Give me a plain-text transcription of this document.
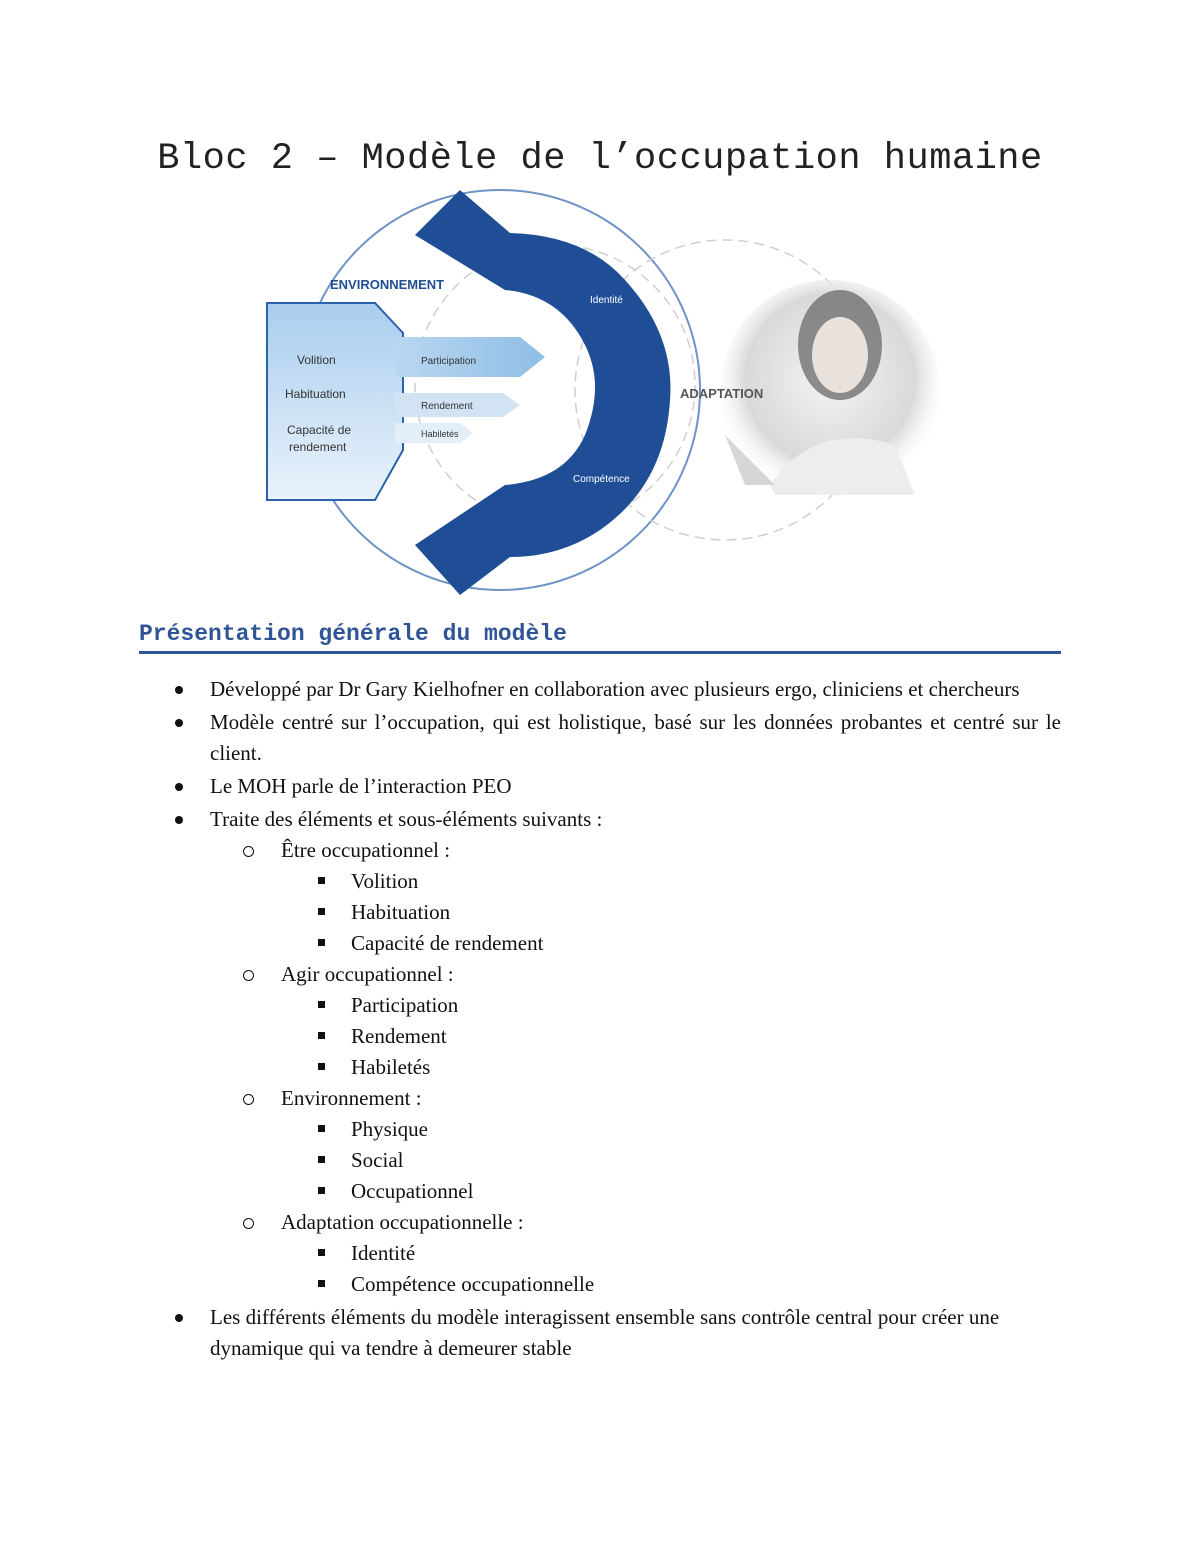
Bloc 2 – Modèle de l’occupation humaine
ENVIRONNEMENT
ADAPTATION
Volition
Habituation
Capacité de
rendement
Participation
Rendement
Habiletés
Identité
Compétence
Présentation générale du modèle
Développé par Dr Gary Kielhofner en collaboration avec plusieurs ergo, cliniciens et chercheurs
Modèle centré sur l’occupation, qui est holistique, basé sur les données probantes et centré sur le client.
Le MOH parle de l’interaction PEO
Traite des éléments et sous-éléments suivants :
Être occupationnel :
Volition
Habituation
Capacité de rendement
Agir occupationnel :
Participation
Rendement
Habiletés
Environnement :
Physique
Social
Occupationnel
Adaptation occupationnelle :
Identité
Compétence occupationnelle
Les différents éléments du modèle interagissent ensemble sans contrôle central pour créer une dynamique qui va tendre à demeurer stable
